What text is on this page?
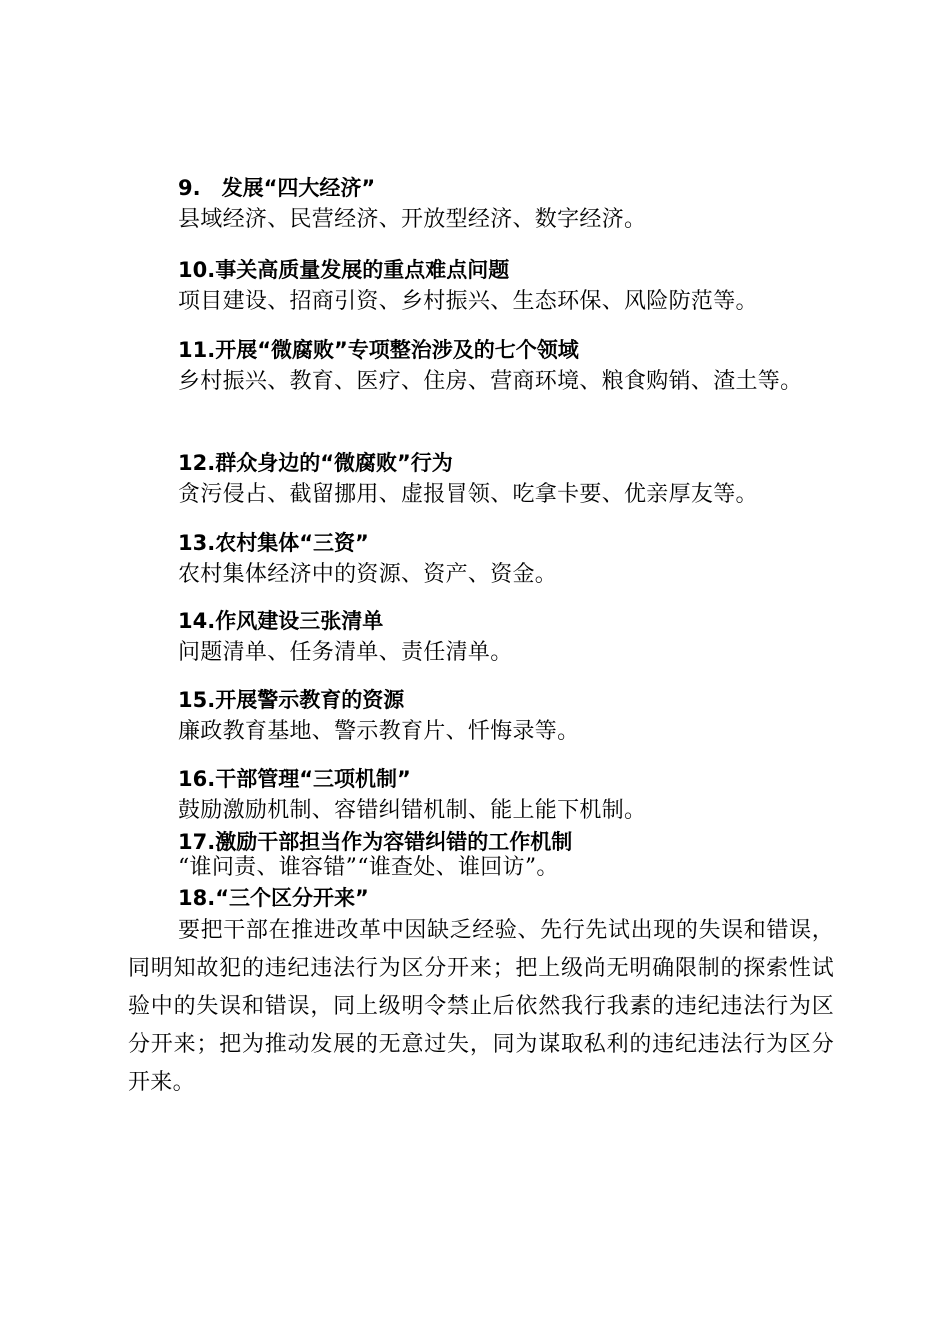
9.　发展“四大经济”

县域经济、民营经济、开放型经济、数字经济。

10.事关高质量发展的重点难点问题

项目建设、招商引资、乡村振兴、生态环保、风险防范等。

11.开展“微腐败”专项整治涉及的七个领域

乡村振兴、教育、医疗、住房、营商环境、粮食购销、渣土等。

12.群众身边的“微腐败”行为

贪污侵占、截留挪用、虚报冒领、吃拿卡要、优亲厚友等。

13.农村集体“三资”

农村集体经济中的资源、资产、资金。

14.作风建设三张清单

问题清单、任务清单、责任清单。

15.开展警示教育的资源

廉政教育基地、警示教育片、忏悔录等。

16.干部管理“三项机制”

鼓励激励机制、容错纠错机制、能上能下机制。

17.激励干部担当作为容错纠错的工作机制

“谁问责、谁容错”“谁查处、谁回访”。

18.“三个区分开来”

要把干部在推进改革中因缺乏经验、先行先试出现的失误和错误，同明知故犯的违纪违法行为区分开来；把上级尚无明确限制的探索性试验中的失误和错误，同上级明令禁止后依然我行我素的违纪违法行为区分开来；把为推动发展的无意过失，同为谋取私利的违纪违法行为区分开来。
